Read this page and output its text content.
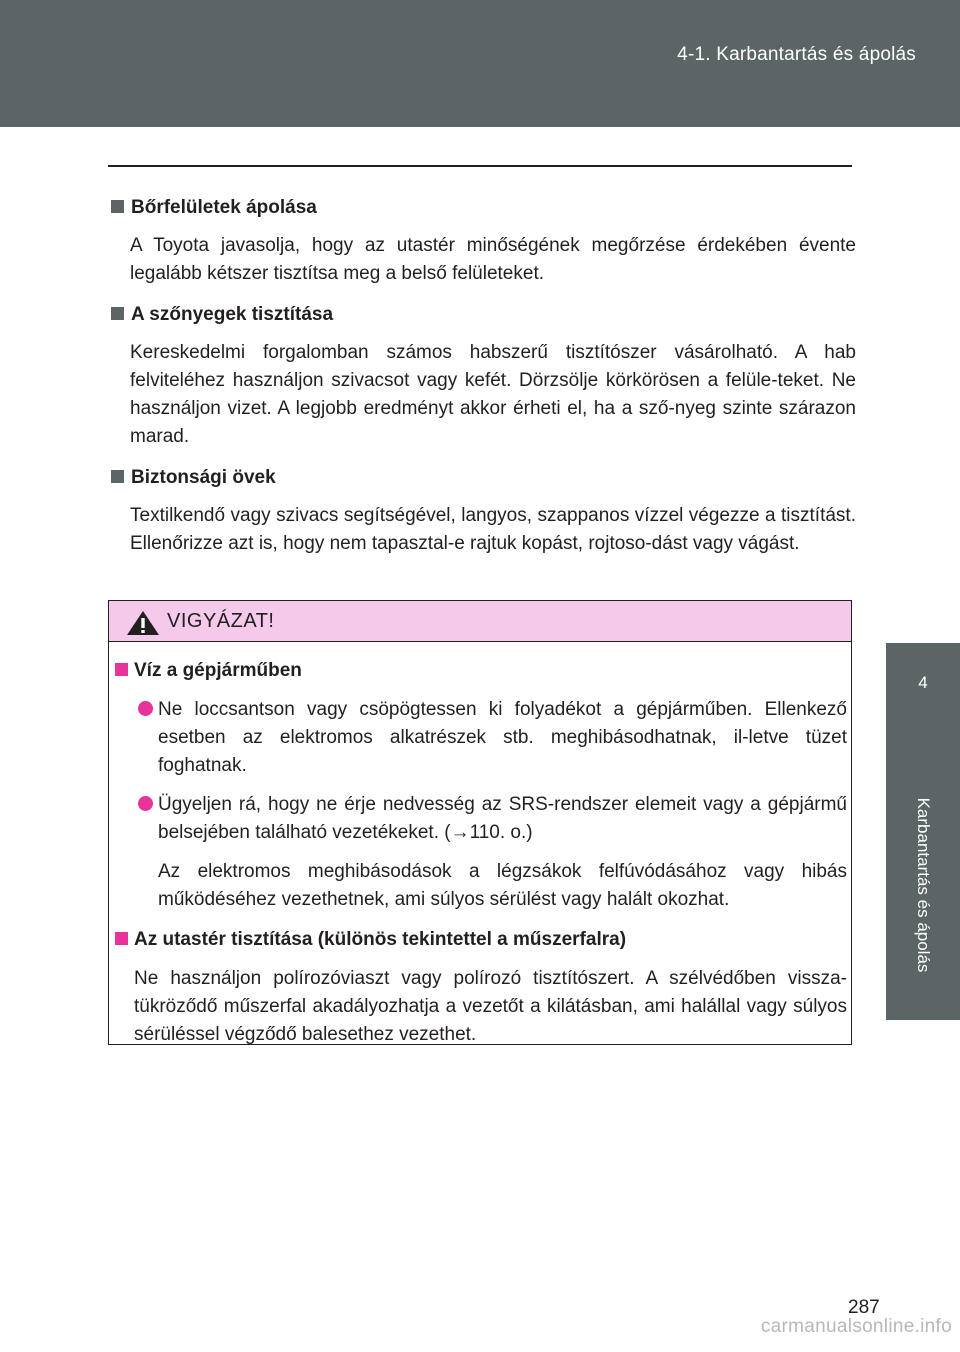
4-1. Karbantartás és ápolás
4
Karbantartás és ápolás
Bőrfelületek ápolása
A Toyota javasolja, hogy az utastér minőségének megőrzése érdekében évente legalább kétszer tisztítsa meg a belső felületeket.
A szőnyegek tisztítása
Kereskedelmi forgalomban számos habszerű tisztítószer vásárolható. A hab felviteléhez használjon szivacsot vagy kefét. Dörzsölje körkörösen a felüle-teket. Ne használjon vizet. A legjobb eredményt akkor érheti el, ha a sző-nyeg szinte szárazon marad.
Biztonsági övek
Textilkendő vagy szivacs segítségével, langyos, szappanos vízzel végezze a tisztítást. Ellenőrizze azt is, hogy nem tapasztal-e rajtuk kopást, rojtoso-dást vagy vágást.
VIGYÁZAT!
Víz a gépjárműben
Ne loccsantson vagy csöpögtessen ki folyadékot a gépjárműben. Ellenkező esetben az elektromos alkatrészek stb. meghibásodhatnak, il-letve tüzet foghatnak.
Ügyeljen rá, hogy ne érje nedvesség az SRS-rendszer elemeit vagy a gépjármű belsejében található vezetékeket. (→110. o.)
Az elektromos meghibásodások a légzsákok felfúvódásához vagy hibás működéséhez vezethetnek, ami súlyos sérülést vagy halált okozhat.
Az utastér tisztítása (különös tekintettel a műszerfalra)
Ne használjon polírozóviaszt vagy polírozó tisztítószert. A szélvédőben vissza-tükröződő műszerfal akadályozhatja a vezetőt a kilátásban, ami halállal vagy súlyos sérüléssel végződő balesethez vezethet.
287
carmanualsonline.info
